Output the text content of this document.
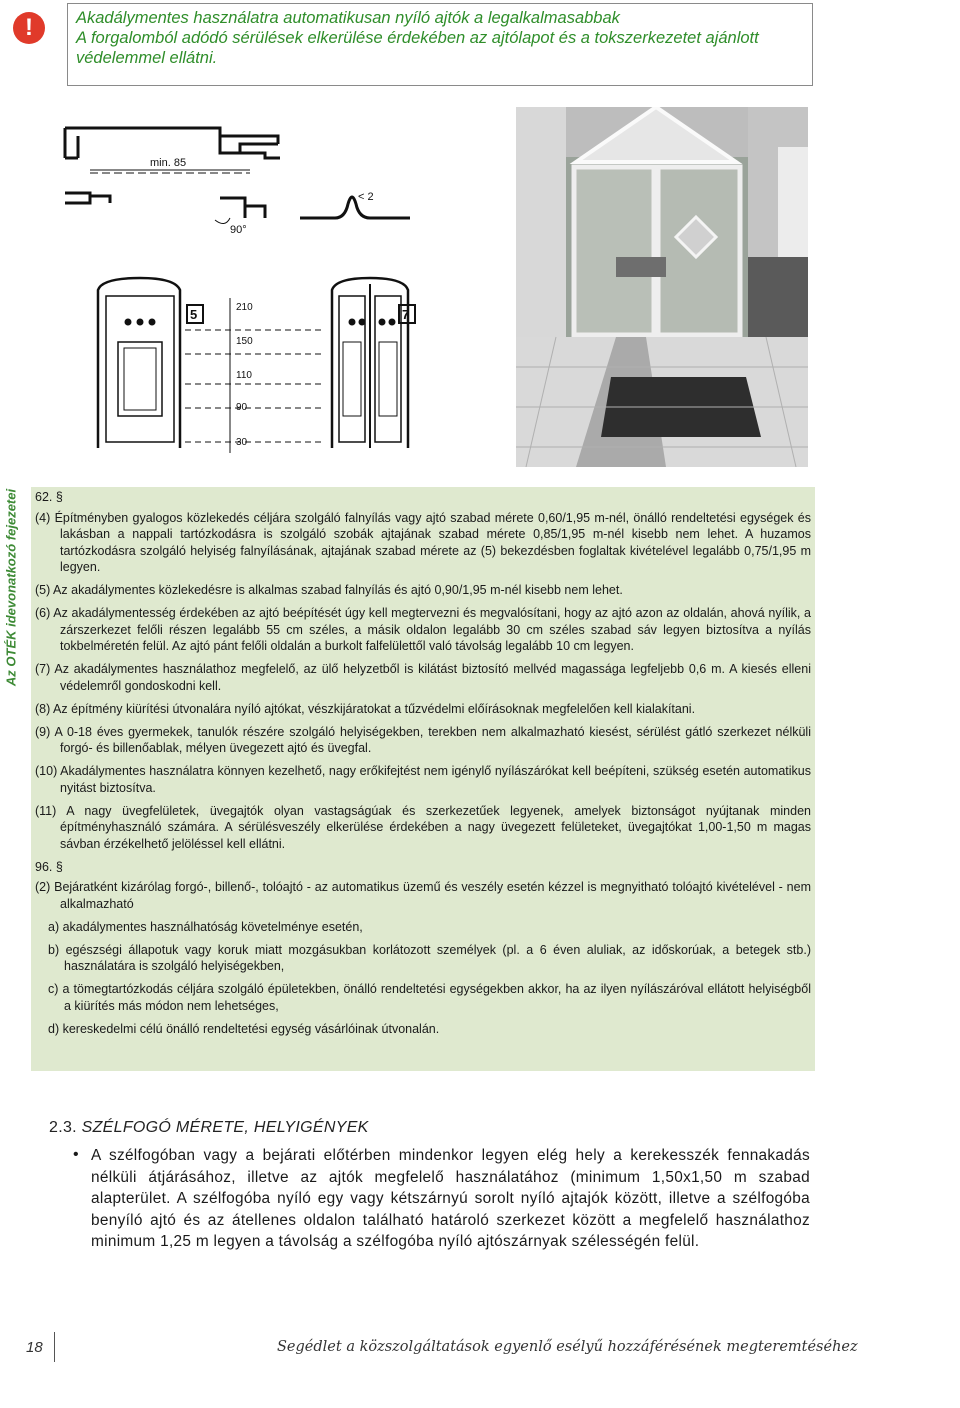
!	Akadálymentes használatra automatikusan nyíló ajtók a legalkalmasabbak
A forgalomból adódó sérülések elkerülése érdekében az ajtólapot és a tokszerkezetet ajánlott
védelemmel ellátni.
min. 85
90°
< 2
5	7
210
150
110
90
30
Az OTÉK idevonatkozó fejezetei 62. §

(4) Építményben gyalogos közlekedés céljára szolgáló falnyílás vagy ajtó szabad mérete 0,60/1,95 m-nél, önálló rendeltetési egységek és lakásban a nappali tartózkodásra is szolgáló szobák ajtajának szabad mérete 0,85/1,95 m-nél kisebb nem lehet. A huzamos tartózkodásra szolgáló helyiség falnyílásának, ajtajának szabad mérete az (5) bekezdésben foglaltak kivételével legalább 0,75/1,95 m legyen.

(5) Az akadálymentes közlekedésre is alkalmas szabad falnyílás és ajtó 0,90/1,95 m-nél kisebb nem lehet.

(6) Az akadálymentesség érdekében az ajtó beépítését úgy kell megtervezni és megvalósítani, hogy az ajtó azon az oldalán, ahová nyílik, a zárszerkezet felőli részen legalább 55 cm széles, a másik oldalon legalább 30 cm széles szabad sáv legyen biztosítva a nyílás tokbelméretén felül. Az ajtó pánt felőli oldalán a burkolt falfelülettől való távolság legalább 10 cm legyen.

(7) Az akadálymentes használathoz megfelelő, az ülő helyzetből is kilátást biztosító mellvéd magassága legfeljebb 0,6 m. A kiesés elleni védelemről gondoskodni kell.

(8) Az építmény kiürítési útvonalára nyíló ajtókat, vészkijáratokat a tűzvédelmi előírásoknak megfelelően kell kialakítani.

(9) A 0-18 éves gyermekek, tanulók részére szolgáló helyiségekben, terekben nem alkalmazható kiesést, sérülést gátló szerkezet nélküli forgó- és billenőablak, mélyen üvegezett ajtó és üvegfal.

(10) Akadálymentes használatra könnyen kezelhető, nagy erőkifejtést nem igénylő nyílászárókat kell beépíteni, szükség esetén automatikus nyitást biztosítva.

(11) A nagy üvegfelületek, üvegajtók olyan vastagságúak és szerkezetűek legyenek, amelyek biztonságot nyújtanak minden építményhasználó számára. A sérülésveszély elkerülése érdekében a nagy üvegezett felületeket, üvegajtókat 1,00-1,50 m magas sávban érzékelhető jelöléssel kell ellátni.

96. §

(2) Bejáratként kizárólag forgó-, billenő-, tolóajtó - az automatikus üzemű és veszély esetén kézzel is megnyitható tolóajtó kivételével - nem alkalmazható

a) akadálymentes használhatóság követelménye esetén,

b) egészségi állapotuk vagy koruk miatt mozgásukban korlátozott személyek (pl. a 6 éven aluliak, az időskorúak, a betegek stb.) használatára is szolgáló helyiségekben,

c) a tömegtartózkodás céljára szolgáló épületekben, önálló rendeltetési egységekben akkor, ha az ilyen nyílászáróval ellátott helyiségből a kiürítés más módon nem lehetséges,

d) kereskedelmi célú önálló rendeltetési egység vásárlóinak útvonalán.

2.3. SZÉLFOGÓ MÉRETE, HELYIGÉNYEK
• A szélfogóban vagy a bejárati előtérben mindenkor legyen elég hely a kerekesszék fennakadás nélküli átjárásához, illetve az ajtók megfelelő használatához (minimum 1,50x1,50 m szabad alapterület. A szélfogóba nyíló egy vagy kétszárnyú sorolt nyíló ajtajók között, illetve a szélfogóba benyíló ajtó és az átellenes oldalon található határoló szerkezet között a megfelelő használathoz minimum 1,25 m legyen a távolság a szélfogóba nyíló ajtószárnyak szélességén felül.
18	Segédlet a közszolgáltatások egyenlő esélyű hozzáférésének megteremtéséhez
